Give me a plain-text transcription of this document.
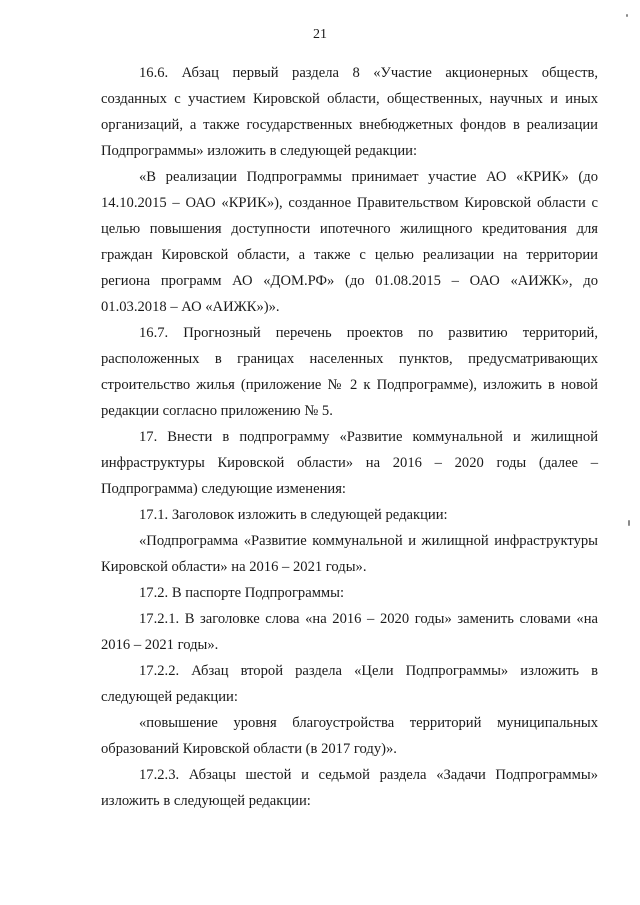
21

16.6. Абзац первый раздела 8 «Участие акционерных обществ, созданных с участием Кировской области, общественных, научных и иных организаций, а также государственных внебюджетных фондов в реализации Подпрограммы» изложить в следующей редакции:

«В реализации Подпрограммы принимает участие АО «КРИК» (до 14.10.2015 – ОАО «КРИК»), созданное Правительством Кировской области с целью повышения доступности ипотечного жилищного кредитования для граждан Кировской области, а также с целью реализации на территории региона программ АО «ДОМ.РФ» (до 01.08.2015 – ОАО «АИЖК», до 01.03.2018 – АО «АИЖК»)».

16.7. Прогнозный перечень проектов по развитию территорий, расположенных в границах населенных пунктов, предусматривающих строительство жилья (приложение № 2 к Подпрограмме), изложить в новой редакции согласно приложению № 5.

17. Внести в подпрограмму «Развитие коммунальной и жилищной инфраструктуры Кировской области» на 2016 – 2020 годы (далее – Подпрограмма) следующие изменения:

17.1. Заголовок изложить в следующей редакции:

«Подпрограмма «Развитие коммунальной и жилищной инфраструктуры Кировской области» на 2016 – 2021 годы».

17.2. В паспорте Подпрограммы:

17.2.1. В заголовке слова «на 2016 – 2020 годы» заменить словами «на 2016 – 2021 годы».

17.2.2. Абзац второй раздела «Цели Подпрограммы» изложить в следующей редакции:

«повышение уровня благоустройства территорий муниципальных образований Кировской области (в 2017 году)».

17.2.3. Абзацы шестой и седьмой раздела «Задачи Подпрограммы» изложить в следующей редакции:
